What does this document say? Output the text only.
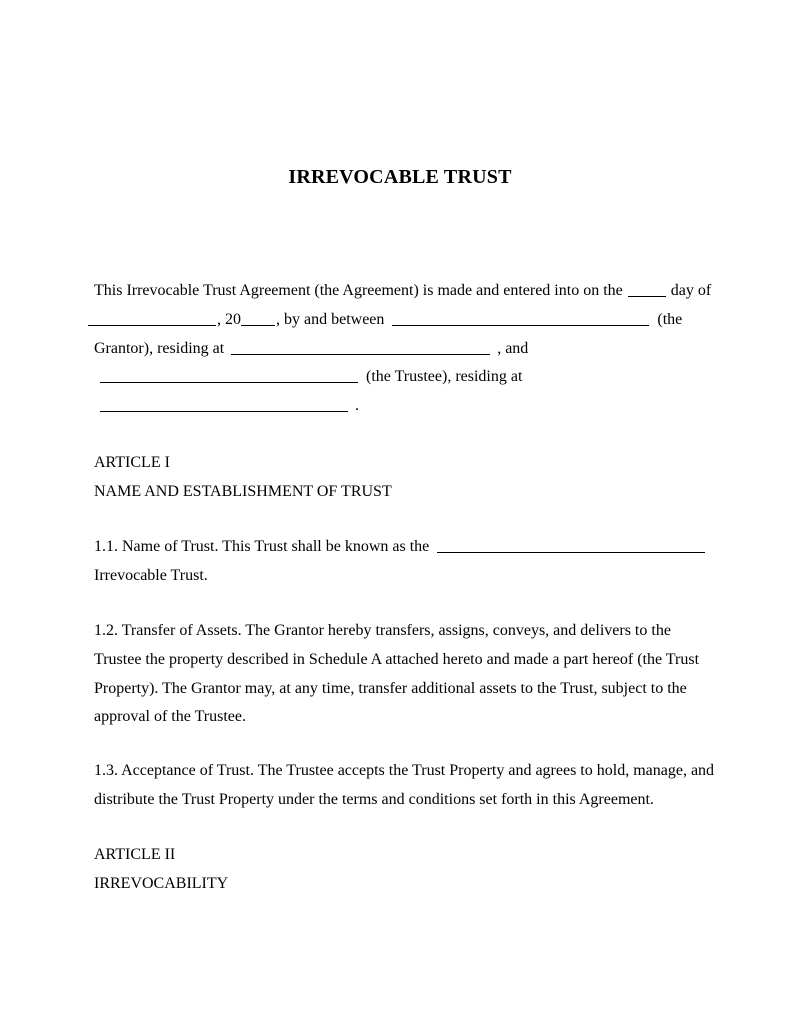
IRREVOCABLE TRUST
This Irrevocable Trust Agreement (the Agreement) is made and entered into on the	day of
, 20 , by and between	(the
Grantor), residing at	, and
(the Trustee), residing at
.
ARTICLE I
NAME AND ESTABLISHMENT OF TRUST
1.1. Name of Trust. This Trust shall be known as the
Irrevocable Trust.
1.2. Transfer of Assets. The Grantor hereby transfers, assigns, conveys, and delivers to the
Trustee the property described in Schedule A attached hereto and made a part hereof (the Trust
Property). The Grantor may, at any time, transfer additional assets to the Trust, subject to the
approval of the Trustee.
1.3. Acceptance of Trust. The Trustee accepts the Trust Property and agrees to hold, manage, and
distribute the Trust Property under the terms and conditions set forth in this Agreement.
ARTICLE II
IRREVOCABILITY
